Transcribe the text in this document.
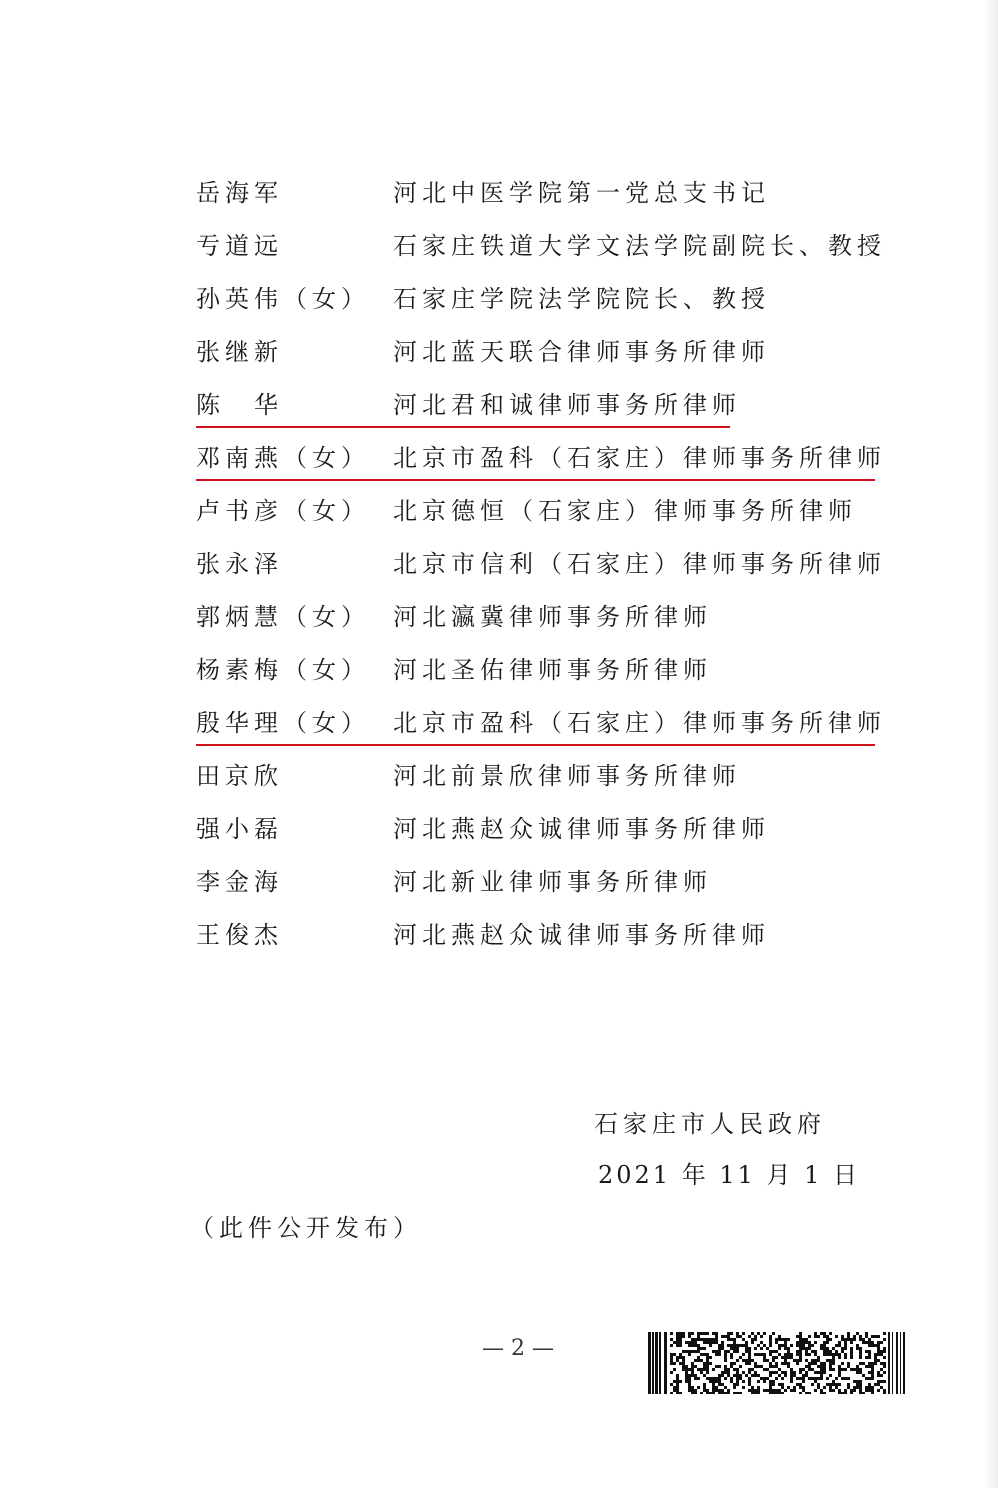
岳海军	河北中医学院第一党总支书记
亐道远	石家庄铁道大学文法学院副院长、教授
孙英伟（女） 石家庄学院法学院院长、教授
张继新	河北蓝天联合律师事务所律师
陈　华	河北君和诚律师事务所律师
邓南燕（女） 北京市盈科（石家庄）律师事务所律师
卢书彦（女） 北京德恒（石家庄）律师事务所律师
张永泽	北京市信利（石家庄）律师事务所律师
郭炳慧（女） 河北瀛冀律师事务所律师
杨素梅（女） 河北圣佑律师事务所律师
殷华理（女） 北京市盈科（石家庄）律师事务所律师
田京欣	河北前景欣律师事务所律师
强小磊	河北燕赵众诚律师事务所律师
李金海	河北新业律师事务所律师
王俊杰	河北燕赵众诚律师事务所律师
石家庄市人民政府
2021 年 11 月 1 日
（此件公开发布）
— 2 —
